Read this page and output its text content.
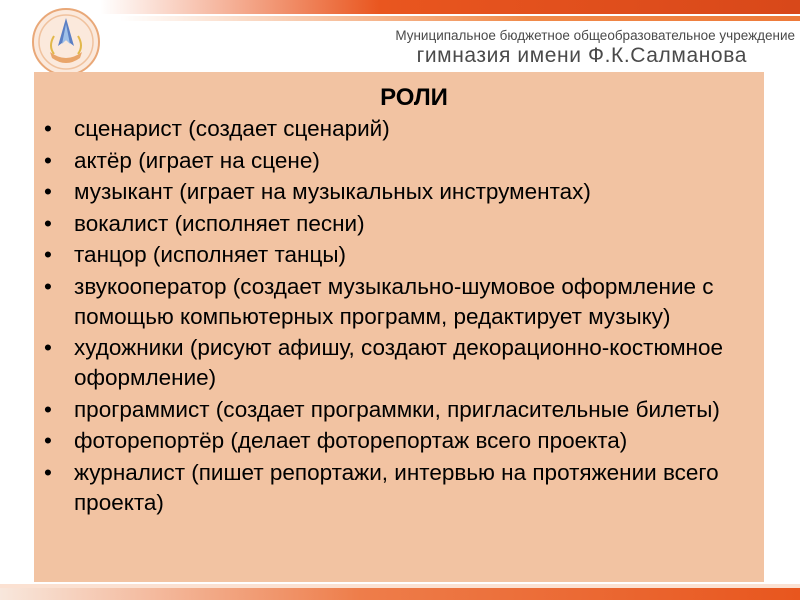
Муниципальное бюджетное общеобразовательное учреждение
гимназия имени Ф.К.Салманова
РОЛИ
• сценарист (создает сценарий)
• актёр (играет на сцене)
• музыкант (играет на музыкальных инструментах)
• вокалист (исполняет песни)
• танцор (исполняет танцы)
• звукооператор (создает музыкально-шумовое оформление с помощью компьютерных программ, редактирует музыку)
• художники (рисуют афишу, создают декорационно-костюмное оформление)
• программист (создает программки, пригласительные билеты)
• фоторепортёр (делает фоторепортаж всего проекта)
• журналист (пишет репортажи, интервью на протяжении всего проекта)
